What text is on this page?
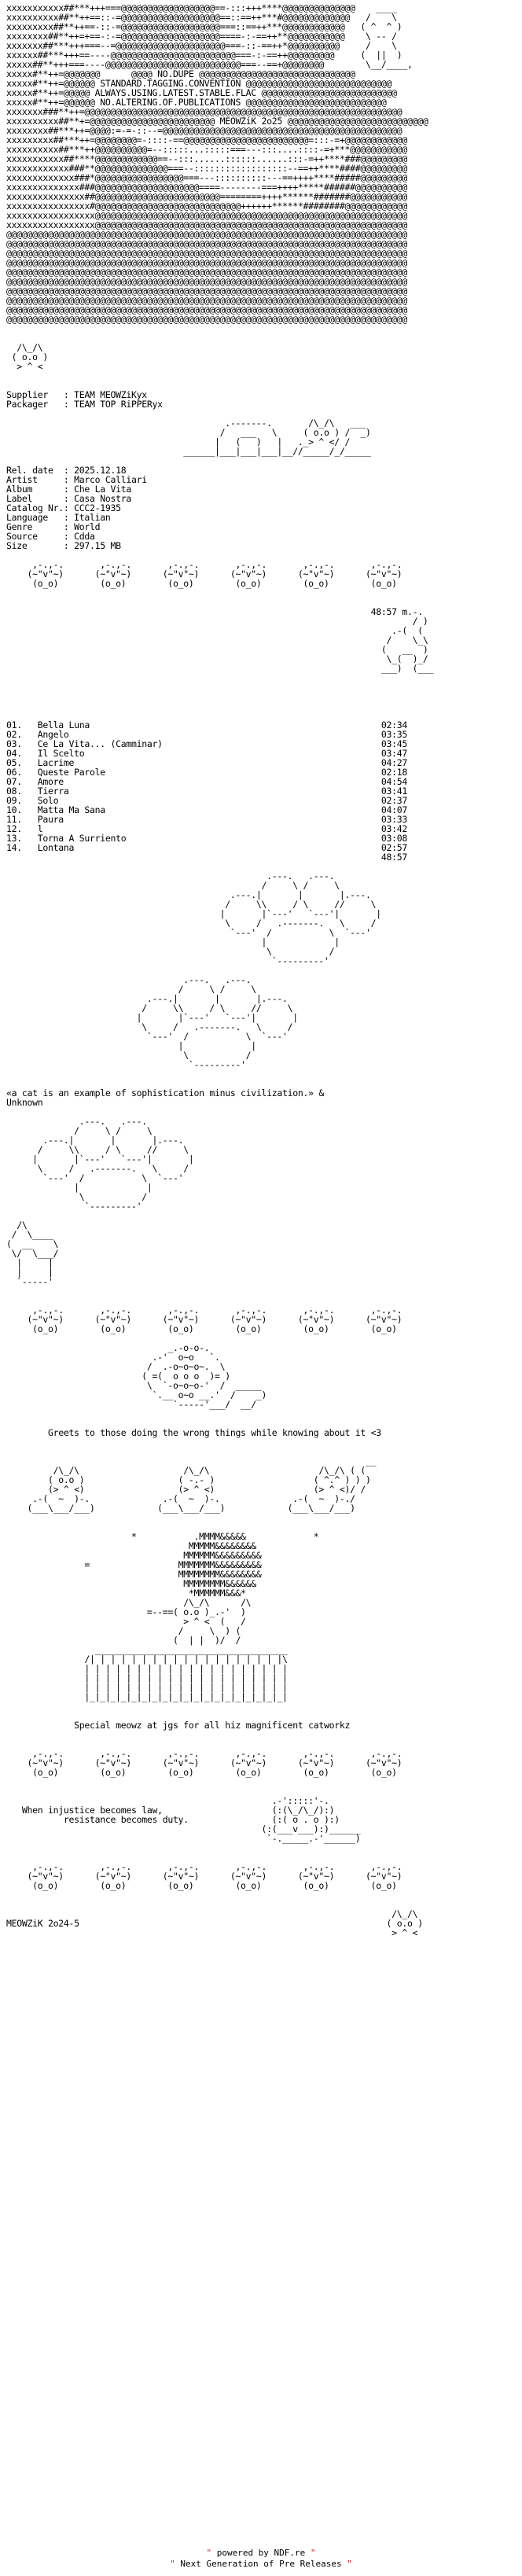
xxxxxxxxxxx##***+++===@@@@@@@@@@@@@@@@@@==-:::+++****@@@@@@@@@@@@@@    ____
xxxxxxxxxx##**++==::-=@@@@@@@@@@@@@@@@@@@==::==++***#@@@@@@@@@@@@@   /    \
xxxxxxxxx##**++==-::-=@@@@@@@@@@@@@@@@@@@===::==++***@@@@@@@@@@@@   ( ^  ^ )
xxxxxxxx##**++=+==-:-=@@@@@@@@@@@@@@@@@@@====-:-==++**@@@@@@@@@@@    \ -- /
xxxxxxx##***+++===--=@@@@@@@@@@@@@@@@@@@@@===-::-==++*@@@@@@@@@@     /    \
xxxxxx##***+++==----@@@@@@@@@@@@@@@@@@@@@@@@===-:-==++@@@@@@@@@     (  ||  )
xxxxx##**+++===----@@@@@@@@@@@@@@@@@@@@@@@@@@===--==+@@@@@@@@        \__/____,
xxxxx#**++=@@@@@@@      @@@@ NO.DUPE @@@@@@@@@@@@@@@@@@@@@@@@@@@@@@
xxxxx#**++=@@@@@@ STANDARD.TAGGING.CONVENTION @@@@@@@@@@@@@@@@@@@@@@@@@@@@
xxxxx#**++=@@@@@ ALWAYS.USING.LATEST.STABLE.FLAC @@@@@@@@@@@@@@@@@@@@@@@@@@
xxxxx#**++=@@@@@@ NO.ALTERING.OF.PUBLICATIONS @@@@@@@@@@@@@@@@@@@@@@@@@@@
xxxxxxx###**++=@@@@@@@@@@@@@@@@@@@@@@@@@@@@@@@@@@@@@@@@@@@@@@@@@@@@@@@@@@@@@
xxxxxxxxxx##**+=@@@@@@@@@@@@@@@@@@@@@@@@ MEOWZiK 2o25 @@@@@@@@@@@@@@@@@@@@@@@@@@@
xxxxxxxx##***++=@@@@:=-=-::--=@@@@@@@@@@@@@@@@@@@@@@@@@@@@@@@@@@@@@@@@@@@@@@
xxxxxxxxx##***++=@@@@@@@@=-::::-==@@@@@@@@@@@@@@@@@@@@@@@@=:::-=+@@@@@@@@@@@@
xxxxxxxxxx##***++@@@@@@@@@@=--:::::...:::::===---:::....::::-=+***@@@@@@@@@@@
xxxxxxxxxxx##****@@@@@@@@@@@@==--:::......::::::......:::-=++****###@@@@@@@@@
xxxxxxxxxxxx###**@@@@@@@@@@@@@@===--::::::::::::::::::--==++****####@@@@@@@@@
xxxxxxxxxxxxx###*@@@@@@@@@@@@@@@@@===---::::::::::---==++++****#####@@@@@@@@@
xxxxxxxxxxxxxx###@@@@@@@@@@@@@@@@@@@@====--------===++++*****######@@@@@@@@@@
xxxxxxxxxxxxxxx##@@@@@@@@@@@@@@@@@@@@@@@@========++++******#######@@@@@@@@@@@
xxxxxxxxxxxxxxxx#@@@@@@@@@@@@@@@@@@@@@@@@@@@@++++++******########@@@@@@@@@@@@
xxxxxxxxxxxxxxxxx@@@@@@@@@@@@@@@@@@@@@@@@@@@@@@@@@@@@@@@@@@@@@@@@@@@@@@@@@@@@
xxxxxxxxxxxxxxxxx@@@@@@@@@@@@@@@@@@@@@@@@@@@@@@@@@@@@@@@@@@@@@@@@@@@@@@@@@@@@
@@@@@@@@@@@@@@@@@@@@@@@@@@@@@@@@@@@@@@@@@@@@@@@@@@@@@@@@@@@@@@@@@@@@@@@@@@@@@
@@@@@@@@@@@@@@@@@@@@@@@@@@@@@@@@@@@@@@@@@@@@@@@@@@@@@@@@@@@@@@@@@@@@@@@@@@@@@
@@@@@@@@@@@@@@@@@@@@@@@@@@@@@@@@@@@@@@@@@@@@@@@@@@@@@@@@@@@@@@@@@@@@@@@@@@@@@
@@@@@@@@@@@@@@@@@@@@@@@@@@@@@@@@@@@@@@@@@@@@@@@@@@@@@@@@@@@@@@@@@@@@@@@@@@@@@
@@@@@@@@@@@@@@@@@@@@@@@@@@@@@@@@@@@@@@@@@@@@@@@@@@@@@@@@@@@@@@@@@@@@@@@@@@@@@
@@@@@@@@@@@@@@@@@@@@@@@@@@@@@@@@@@@@@@@@@@@@@@@@@@@@@@@@@@@@@@@@@@@@@@@@@@@@@
@@@@@@@@@@@@@@@@@@@@@@@@@@@@@@@@@@@@@@@@@@@@@@@@@@@@@@@@@@@@@@@@@@@@@@@@@@@@@
@@@@@@@@@@@@@@@@@@@@@@@@@@@@@@@@@@@@@@@@@@@@@@@@@@@@@@@@@@@@@@@@@@@@@@@@@@@@@
@@@@@@@@@@@@@@@@@@@@@@@@@@@@@@@@@@@@@@@@@@@@@@@@@@@@@@@@@@@@@@@@@@@@@@@@@@@@@
@@@@@@@@@@@@@@@@@@@@@@@@@@@@@@@@@@@@@@@@@@@@@@@@@@@@@@@@@@@@@@@@@@@@@@@@@@@@@

/\_/\
( o.o )
> ^ <

Supplier   : TEAM MEOWZiKyx
Packager   : TEAM TOP RiPPERyx

.-------.       /\_/\   ___
/   ___   \     ( o.o ) /  _)
|   (   )   |   ._> ^ </ /
______|___|___|___|__//_____/_/_____

Rel. date  : 2025.12.18
Artist     : Marco Calliari
Album      : Che La Vita
Label      : Casa Nostra
Catalog Nr.: CCC2-1935
Language   : Italian
Genre      : World
Source     : Cdda
Size       : 297.15 MB

,-.,-.       ,-.,-.       ,-.,-.       ,-.,-.       ,-.,-.       ,-.,-.
(~"v"~)      (~"v"~)      (~"v"~)      (~"v"~)      (~"v"~)      (~"v"~)
(o_o)        (o_o)        (o_o)        (o_o)        (o_o)        (o_o)

48:57 m.-.
/ )
.-(  (
/    \_\
(   __  )
\_(  )_/
___)  (___

01.   Bella Luna                                                        02:34
02.   Angelo                                                            03:35
03.   Ce La Vita... (Camminar)                                          03:45
04.   Il Scelto                                                         03:47
05.   Lacrime                                                           04:27
06.   Queste Parole                                                     02:18
07.   Amore                                                             04:54
08.   Tierra                                                            03:41
09.   Solo                                                              02:37
10.   Matta Ma Sana                                                     04:07
11.   Paura                                                             03:33
12.   l                                                                 03:42
13.   Torna A Surriento                                                 03:08
14.   Lontana                                                           02:57
48:57

.---.   .---.
/     \ /     \
.---.|       |       |.---.
/     \\     / \     //     \
|       |`---'   `---'|       |
\     /   .-------.   \     /
`---'  /           \  `---'
|             |
\           /
`---------'

.---.   .---.
/     \ /     \
.---.|       |       |.---.
/     \\     / \     //     \
|       |`---'   `---'|       |
\     /   .-------.   \     /
`---'  /           \  `---'
|             |
\           /
`---------'

«a cat is an example of sophistication minus civilization.» &
Unknown

.---.   .---.
/     \ /     \
.---.|       |       |.---.
/     \\     / \     //     \
|       |`---'   `---'|       |
\     /   .-------.   \     /
`---'  /           \  `---'
|             |
\           /
`---------'

/\
/  \____
(  __    \
\/  \___/
|     |
|     |
`-----'

,-.,-.       ,-.,-.       ,-.,-.       ,-.,-.       ,-.,-.       ,-.,-.
(~"v"~)      (~"v"~)      (~"v"~)      (~"v"~)      (~"v"~)      (~"v"~)
(o_o)        (o_o)        (o_o)        (o_o)        (o_o)        (o_o)

_.-o-o-.
.-'  o~o   `.
/  .-o~o~o~.  \
( =(  o o o  )= )
\  `-o~o~o-'  /  _____
`.__ o~o __.'  /    _)
`-----'___/  __/

Greets to those doing the wrong things while knowing about it <3

__
/\_/\                    /\_/\                     /\_/\ ( (
( o.o )                  ( -.- )                   ( ^.^ ) ) )
(> ^ <)                  (> ^ <)                   (> ^ <)/ /
.-(  ~  )-.              .-(  ~  )-.              .-(  ~  )-./
(___\___/___)            (___\___/___)            (___\___/___)

*           .MMMM&&&&&             *
MMMMM&&&&&&&&
MMMMMM&&&&&&&&&
=                 MMMMMMM&&&&&&&&&
MMMMMMMM&&&&&&&&
MMMMMMMM&&&&&&
*MMMMMM&&&*
/\_/\      /\
=--==( o.o )_.-'  )
> ^ <  (   /
/     \  ) (
(  | |  )/  /
_____________________________________
/| | | | | | | | | | | | | | | | | | |\
| | | | | | | | | | | | | | | | | | | |
| | | | | | | | | | | | | | | | | | | |
| | | | | | | | | | | | | | | | | | | |
|_|_|_|_|_|_|_|_|_|_|_|_|_|_|_|_|_|_|_|

Special meowz at jgs for all hiz magnificent catworkz

,-.,-.       ,-.,-.       ,-.,-.       ,-.,-.       ,-.,-.       ,-.,-.
(~"v"~)      (~"v"~)      (~"v"~)      (~"v"~)      (~"v"~)      (~"v"~)
(o_o)        (o_o)        (o_o)        (o_o)        (o_o)        (o_o)

.-':::::'-.
When injustice becomes law,                     (:(\_/\_/):)
resistance becomes duty.                (:( o . o ):)
(:(___v___):)______
`-._____.-'______)

,-.,-.       ,-.,-.       ,-.,-.       ,-.,-.       ,-.,-.       ,-.,-.
(~"v"~)      (~"v"~)      (~"v"~)      (~"v"~)      (~"v"~)      (~"v"~)
(o_o)        (o_o)        (o_o)        (o_o)        (o_o)        (o_o)

/\_/\
MEOWZiK 2o24-5                                                           ( o.o )
> ^ <
" powered by NDF.re "
" Next Generation of Pre Releases "
